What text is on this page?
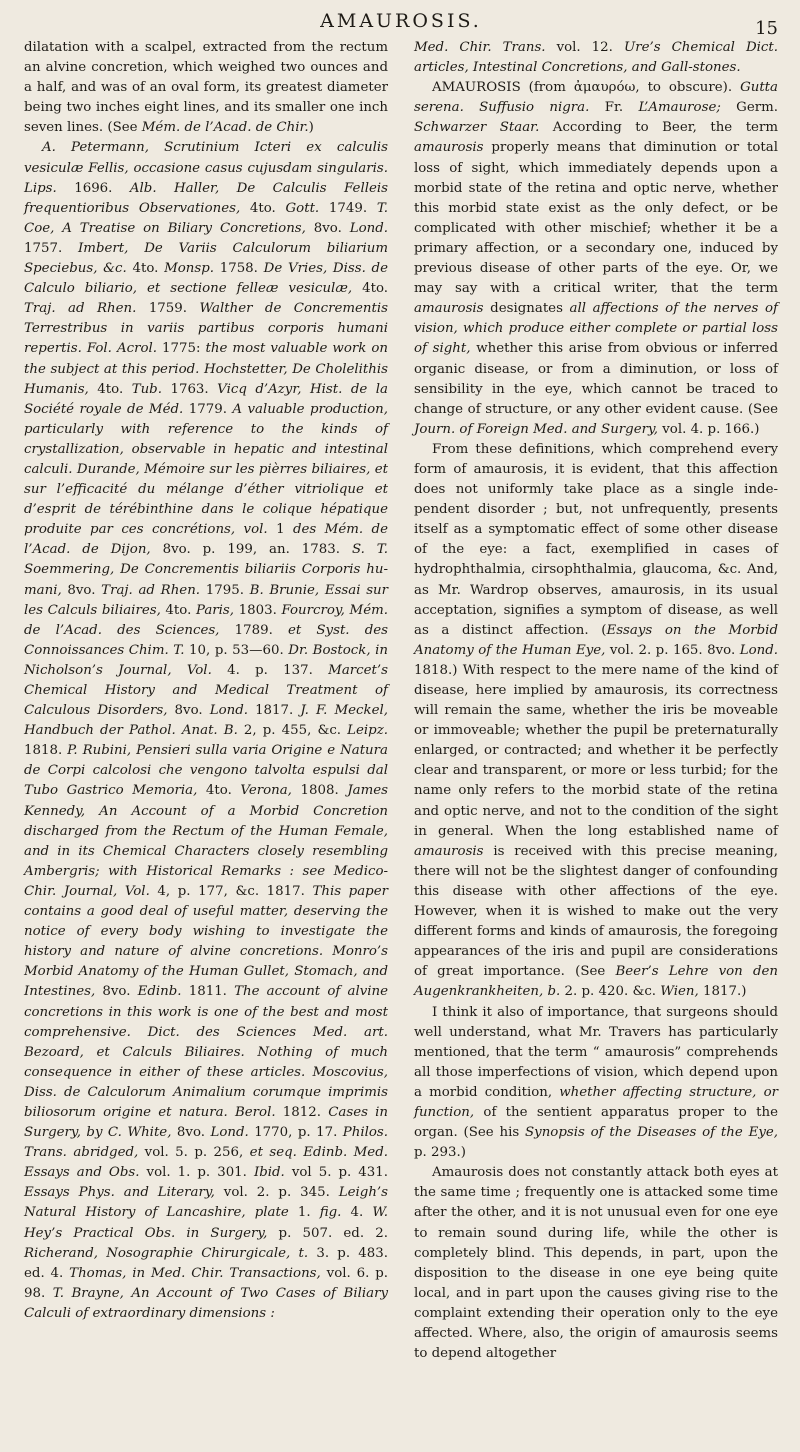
AMAUROSIS.	15

dilatation with a scalpel, extracted from the rectum an alvine concretion, which weighed two ounces and a half, and was of an oval form, its greatest diameter being two inches eight lines, and its smaller one inch seven lines. (See Mém. de l’Acad. de Chir.)

A. Petermann, Scrutinium Icteri ex calculis vesiculæ Fellis, occasione casus cujusdam singularis. Lips. 1696. Alb. Haller, De Calculis Felleis frequentioribus Observationes, 4to. Gott. 1749. T. Coe, A Treatise on Biliary Concretions, 8vo. Lond. 1757. Imbert, De Variis Calculorum biliarium Speciebus, &c. 4to. Monsp. 1758. De Vries, Diss. de Calculo biliario, et sectione felleæ vesiculæ, 4to. Traj. ad Rhen. 1759. Walther de Concrementis Terrestribus in variis partibus corporis humani repertis. Fol. Acrol. 1775: the most valuable work on the subject at this period. Hochstetter, De Cholelithis Humanis, 4to. Tub. 1763. Vicq d’Azyr, Hist. de la Société royale de Méd. 1779. A valuable production, particularly with reference to the kinds of crystallization, observable in hepatic and intestinal calculi. Durande, Mémoire sur les pièrres biliaires, et sur l’efficacité du mélange d’éther vitriolique et d’esprit de térébinthine dans le colique hépatique produite par ces concrétions, vol. 1 des Mém. de l’Acad. de Dijon, 8vo. p. 199, an. 1783. S. T. Soemmering, De Concrementis biliariis Corporis humani, 8vo. Traj. ad Rhen. 1795. B. Brunie, Essai sur les Calculs biliaires, 4to. Paris, 1803. Fourcroy, Mém. de l’Acad. des Sciences, 1789. et Syst. des Connoissances Chim. T. 10, p. 53—60. Dr. Bostock, in Nicholson’s Journal, Vol. 4. p. 137. Marcet’s Chemical History and Medical Treatment of Calculous Disorders, 8vo. Lond. 1817. J. F. Meckel, Handbuch der Pathol. Anat. B. 2, p. 455, &c. Leipz. 1818. P. Rubini, Pensieri sulla varia Origine e Natura de Corpi calcolosi che vengono talvolta espulsi dal Tubo Gastrico Memoria, 4to. Verona, 1808. James Kennedy, An Account of a Morbid Concretion discharged from the Rectum of the Human Female, and in its Chemical Characters closely resembling Ambergris; with Historical Remarks : see Medico-Chir. Journal, Vol. 4, p. 177, &c. 1817. This paper contains a good deal of useful matter, deserving the notice of every body wishing to investigate the history and nature of alvine concretions. Monro’s Morbid Anatomy of the Human Gullet, Stomach, and Intestines, 8vo. Edinb. 1811. The account of alvine concretions in this work is one of the best and most comprehensive. Dict. des Sciences Med. art. Bezoard, et Calculs Biliaires. Nothing of much consequence in either of these articles. Moscovius, Diss. de Calculorum Animalium corumque imprimis biliosorum origine et natura. Berol. 1812. Cases in Surgery, by C. White, 8vo. Lond. 1770, p. 17. Philos. Trans. abridged, vol. 5. p. 256, et seq. Edinb. Med. Essays and Obs. vol. 1. p. 301. Ibid. vol 5. p. 431. Essays Phys. and Literary, vol. 2. p. 345. Leigh’s Natural History of Lancashire, plate 1. fig. 4. W. Hey’s Practical Obs. in Surgery, p. 507. ed. 2. Richerand, Nosographie Chirurgicale, t. 3. p. 483. ed. 4. Thomas, in Med. Chir. Transactions, vol. 6. p. 98. T. Brayne, An Account of Two Cases of Biliary Calculi of extraordinary dimensions :

Med. Chir. Trans. vol. 12. Ure’s Chemical Dict. articles, Intestinal Concretions, and Gall-stones.

AMAUROSIS (from ἀμαυρόω, to obscure). Gutta serena. Suffusio nigra. Fr. L’Amaurose; Germ. Schwarzer Staar. According to Beer, the term amaurosis properly means that diminution or total loss of sight, which immediately depends upon a morbid state of the retina and optic nerve, whether this morbid state exist as the only defect, or be complicated with other mischief; whether it be a primary affection, or a secondary one, induced by previous disease of other parts of the eye. Or, we may say with a critical writer, that the term amaurosis designates all affections of the nerves of vision, which produce either complete or partial loss of sight, whether this arise from obvious or inferred organic disease, or from a diminution, or loss of sensibility in the eye, which cannot be traced to change of structure, or any other evident cause. (See Journ. of Foreign Med. and Surgery, vol. 4. p. 166.)

From these definitions, which comprehend every form of amaurosis, it is evident, that this affection does not uniformly take place as a single independent disorder ; but, not unfrequently, presents itself as a symptomatic effect of some other disease of the eye: a fact, exemplified in cases of hydrophthalmia, cirsophthalmia, glaucoma, &c. And, as Mr. Wardrop observes, amaurosis, in its usual acceptation, signifies a symptom of disease, as well as a distinct affection. (Essays on the Morbid Anatomy of the Human Eye, vol. 2. p. 165. 8vo. Lond. 1818.) With respect to the mere name of the kind of disease, here implied by amaurosis, its correctness will remain the same, whether the iris be moveable or immoveable; whether the pupil be preternaturally enlarged, or contracted; and whether it be perfectly clear and transparent, or more or less turbid; for the name only refers to the morbid state of the retina and optic nerve, and not to the condition of the sight in general. When the long established name of amaurosis is received with this precise meaning, there will not be the slightest danger of confounding this disease with other affections of the eye. However, when it is wished to make out the very different forms and kinds of amaurosis, the foregoing appearances of the iris and pupil are considerations of great importance. (See Beer’s Lehre von den Augenkrankheiten, b. 2. p. 420. &c. Wien, 1817.)

I think it also of importance, that surgeons should well understand, what Mr. Travers has particularly mentioned, that the term “ amaurosis” comprehends all those imperfections of vision, which depend upon a morbid condition, whether affecting structure, or function, of the sentient apparatus proper to the organ. (See his Synopsis of the Diseases of the Eye, p. 293.)

Amaurosis does not constantly attack both eyes at the same time ; frequently one is attacked some time after the other, and it is not unusual even for one eye to remain sound during life, while the other is completely blind. This depends, in part, upon the disposition to the disease in one eye being quite local, and in part upon the causes giving rise to the complaint extending their operation only to the eye affected. Where, also, the origin of amaurosis seems to depend altogether
